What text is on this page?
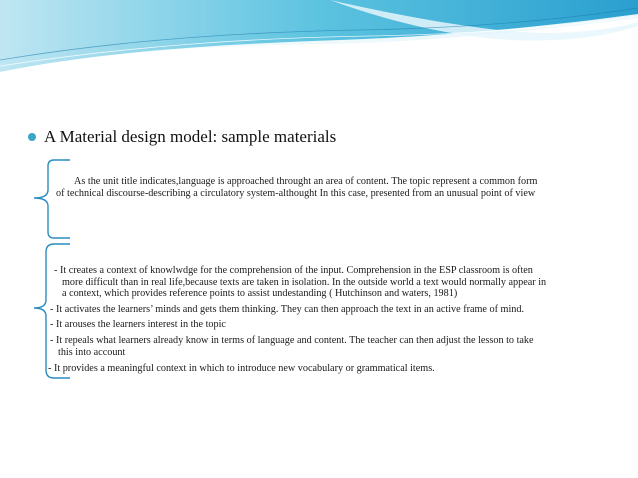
A Material design model: sample materials
As the unit title indicates,language is approached throught an area of content. The topic represent a common form
of technical discourse-describing a circulatory system-althought In this case, presented from an unusual point of view
- It creates a context of knowlwdge for the comprehension of the input. Comprehension in the ESP classroom is often
more difficult than in real life,because texts are taken in isolation. In the outside world a text would normally appear in
a context, which provides reference points to assist undestanding ( Hutchinson and waters, 1981)
- It activates the learners’ minds and gets them thinking. They can then approach the text in an active frame of mind.
- It arouses the learners interest in the topic
- It repeals what learners already know in terms of language and content. The teacher can then adjust the lesson to take
this into account
- It provides a meaningful context in which to introduce new vocabulary or grammatical items.
